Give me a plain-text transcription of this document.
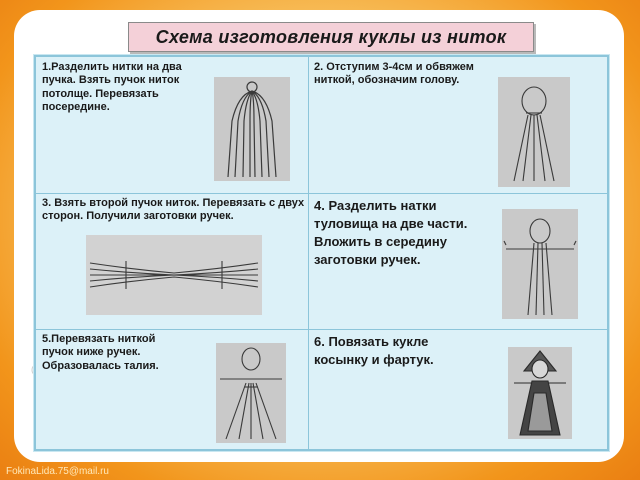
Схема изготовления куклы из ниток
1.Разделить нитки на два пучка. Взять пучок ниток потолще. Перевязать посередине.
2. Отступим 3-4см и обвяжем ниткой, обозначим голову.
3. Взять второй пучок ниток. Перевязать с двух сторон. Получили заготовки ручек.
4. Разделить натки туловища на две части. Вложить в середину заготовки ручек.
5.Перевязать ниткой пучок ниже ручек. Образовалась талия.
6. Повязать кукле косынку и фартук.
FokinaLida.75@mail.ru
